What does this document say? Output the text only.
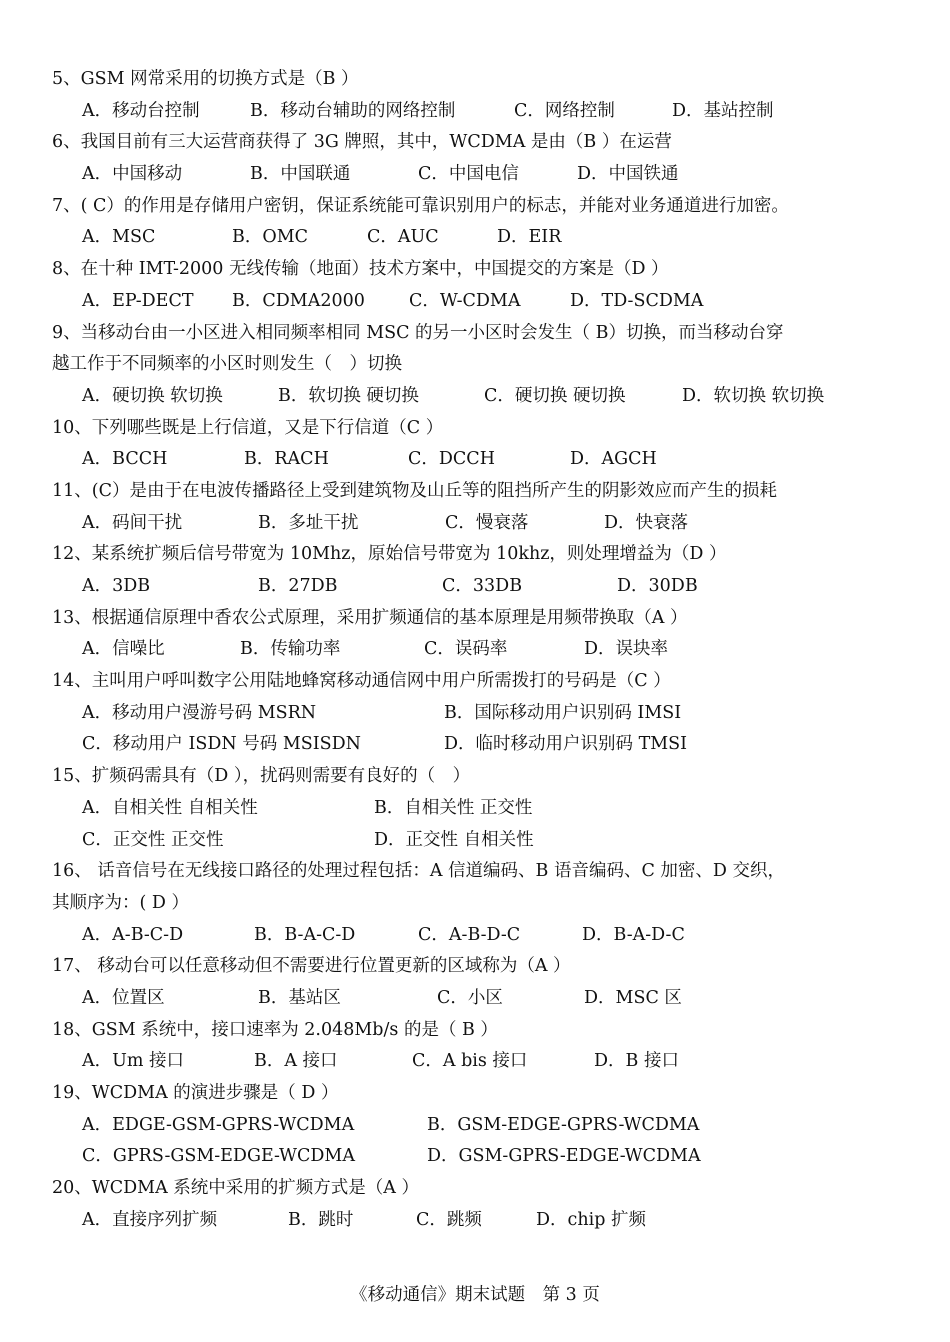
5、GSM 网常采用的切换方式是（B ）
A．移动台控制	B．移动台辅助的网络控制	C．网络控制	D．基站控制
6、我国目前有三大运营商获得了 3G 牌照，其中，WCDMA 是由（B ）在运营
A．中国移动	B．中国联通	C．中国电信	D．中国铁通
7、( C）的作用是存储用户密钥，保证系统能可靠识别用户的标志，并能对业务通道进行加密。
A．MSC	B．OMC	C．AUC	D．EIR
8、在十种 IMT-2000 无线传输（地面）技术方案中，中国提交的方案是（D ）
A．EP-DECT B．CDMA2000	C．W-CDMA	D．TD-SCDMA
9、当移动台由一小区进入相同频率相同 MSC 的另一小区时会发生（ B）切换，而当移动台穿
越工作于不同频率的小区时则发生（　）切换
A．硬切换 软切换	B．软切换 硬切换	C．硬切换 硬切换	D．软切换 软切换
10、下列哪些既是上行信道，又是下行信道（C ）
A．BCCH	B．RACH	C．DCCH	D．AGCH
11、(C）是由于在电波传播路径上受到建筑物及山丘等的阻挡所产生的阴影效应而产生的损耗
A．码间干扰	B．多址干扰	C．慢衰落	D．快衰落
12、某系统扩频后信号带宽为 10Mhz，原始信号带宽为 10khz，则处理增益为（D ）
A．3DB	B．27DB	C．33DB	D．30DB
13、根据通信原理中香农公式原理，采用扩频通信的基本原理是用频带换取（A ）
A．信噪比	B．传输功率	C．误码率	D．误块率
14、主叫用户呼叫数字公用陆地蜂窝移动通信网中用户所需拨打的号码是（C ）
A．移动用户漫游号码 MSRN	B．国际移动用户识别码 IMSI
C．移动用户 ISDN 号码 MSISDN	D．临时移动用户识别码 TMSI
15、扩频码需具有（D ），扰码则需要有良好的（　）
A．自相关性 自相关性	B．自相关性 正交性
C．正交性 正交性	D．正交性 自相关性
16、 话音信号在无线接口路径的处理过程包括：A 信道编码、B 语音编码、C 加密、D 交织，
其顺序为：( D ）
A．A-B-C-D	B．B-A-C-D	C．A-B-D-C	D．B-A-D-C
17、 移动台可以任意移动但不需要进行位置更新的区域称为（A ）
A．位置区	B．基站区	C．小区	D．MSC 区
18、GSM 系统中，接口速率为 2.048Mb/s 的是（ B ）
A．Um 接口	B．A 接口	C．A bis 接口	D．B 接口
19、WCDMA 的演进步骤是（ D ）
A．EDGE-GSM-GPRS-WCDMA	B．GSM-EDGE-GPRS-WCDMA
C．GPRS-GSM-EDGE-WCDMA	D．GSM-GPRS-EDGE-WCDMA
20、WCDMA 系统中采用的扩频方式是（A ）
A．直接序列扩频	B．跳时	C．跳频	D．chip 扩频
《移动通信》期末试题　第 3 页
